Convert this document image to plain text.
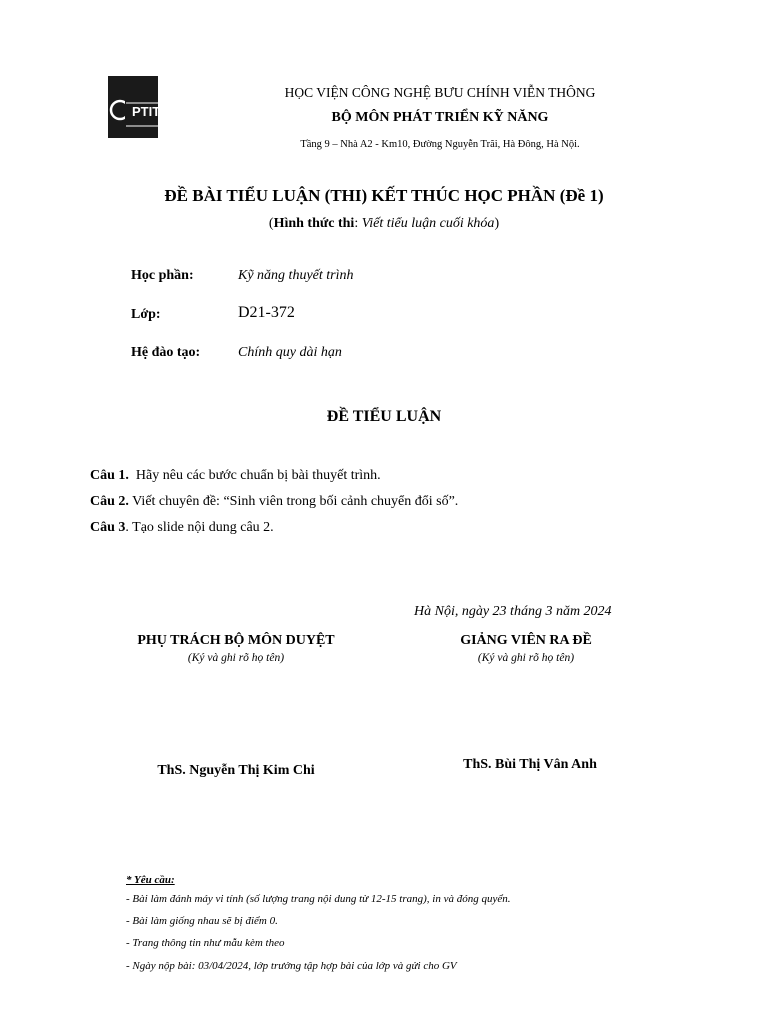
PTIT
HỌC VIỆN CÔNG NGHỆ BƯU CHÍNH VIỄN THÔNG
BỘ MÔN PHÁT TRIỂN KỸ NĂNG
Tầng 9 – Nhà A2 - Km10, Đường Nguyễn Trãi, Hà Đông, Hà Nội.
ĐỀ BÀI TIỂU LUẬN (THI) KẾT THÚC HỌC PHẦN (Đề 1)
(Hình thức thi: Viết tiểu luận cuối khóa)
Học phần:	Kỹ năng thuyết trình
Lớp:	D21-372
Hệ đào tạo:	Chính quy dài hạn
ĐỀ TIỂU LUẬN
Câu 1. Hãy nêu các bước chuẩn bị bài thuyết trình.
Câu 2. Viết chuyên đề: “Sinh viên trong bối cảnh chuyển đổi số”.
Câu 3. Tạo slide nội dung câu 2.
Hà Nội, ngày 23 tháng 3 năm 2024
PHỤ TRÁCH BỘ MÔN DUYỆT
(Ký và ghi rõ họ tên)
ThS. Nguyễn Thị Kim Chi
GIẢNG VIÊN RA ĐỀ
(Ký và ghi rõ họ tên)
ThS. Bùi Thị Vân Anh
* Yêu cầu:
- Bài làm đánh máy vi tính (số lượng trang nội dung từ 12-15 trang), in và đóng quyển.
- Bài làm giống nhau sẽ bị điểm 0.
- Trang thông tin như mẫu kèm theo
- Ngày nộp bài: 03/04/2024, lớp trưởng tập hợp bài của lớp và gửi cho GV
